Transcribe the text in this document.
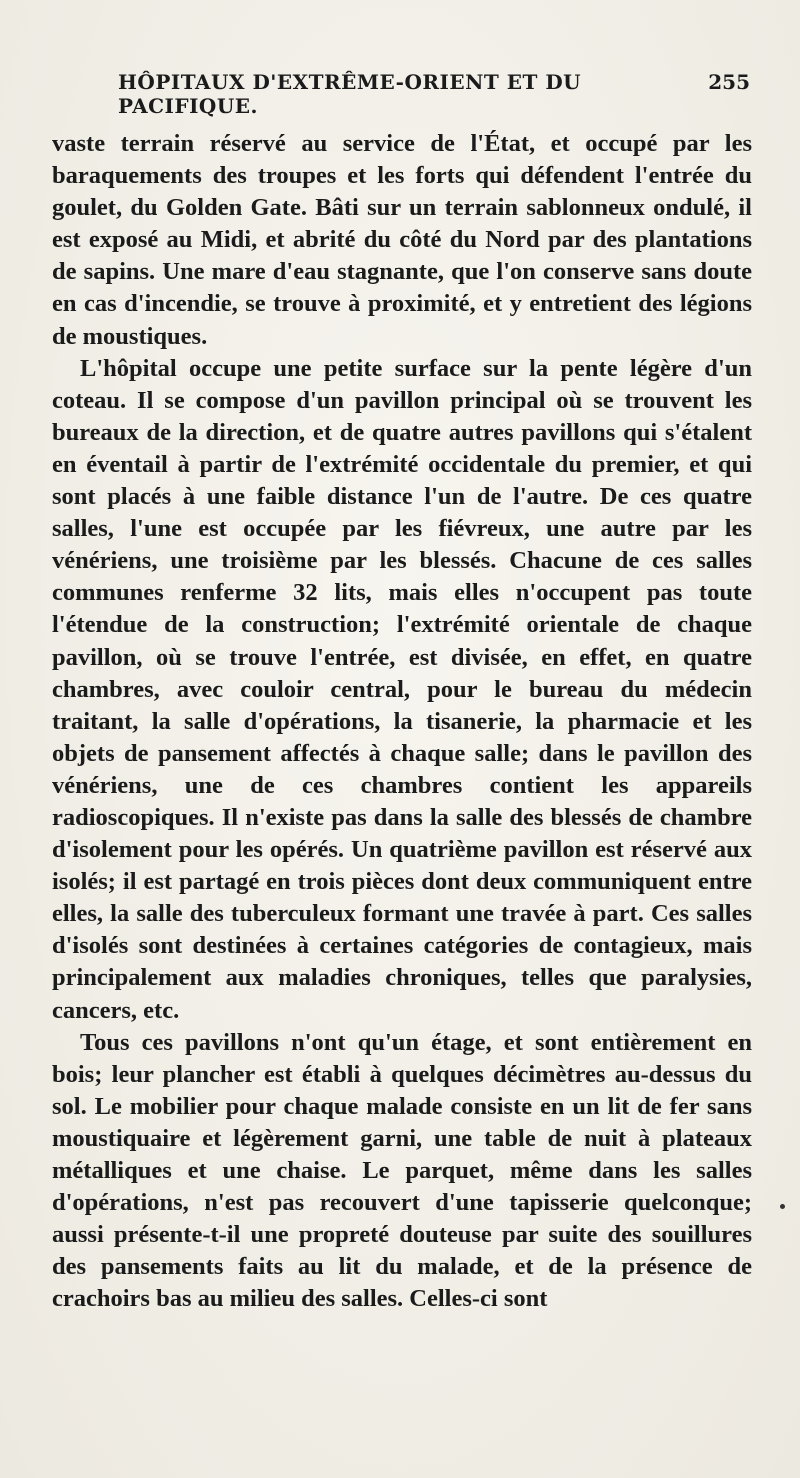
HÔPITAUX D'EXTRÊME-ORIENT ET DU PACIFIQUE.
255

vaste terrain réservé au service de l'État, et occupé par les baraquements des troupes et les forts qui défendent l'entrée du goulet, du Golden Gate. Bâti sur un terrain sablonneux ondulé, il est exposé au Midi, et abrité du côté du Nord par des plantations de sapins. Une mare d'eau stagnante, que l'on conserve sans doute en cas d'incendie, se trouve à proximité, et y entretient des légions de moustiques.

L'hôpital occupe une petite surface sur la pente légère d'un coteau. Il se compose d'un pavillon principal où se trouvent les bureaux de la direction, et de quatre autres pavillons qui s'étalent en éventail à partir de l'extrémité occidentale du premier, et qui sont placés à une faible distance l'un de l'autre. De ces quatre salles, l'une est occupée par les fiévreux, une autre par les vénériens, une troisième par les blessés. Chacune de ces salles communes renferme 32 lits, mais elles n'occupent pas toute l'étendue de la construction; l'extrémité orientale de chaque pavillon, où se trouve l'entrée, est divisée, en effet, en quatre chambres, avec couloir central, pour le bureau du médecin traitant, la salle d'opérations, la tisanerie, la pharmacie et les objets de pansement affectés à chaque salle; dans le pavillon des vénériens, une de ces chambres contient les appareils radioscopiques. Il n'existe pas dans la salle des blessés de chambre d'isolement pour les opérés. Un quatrième pavillon est réservé aux isolés; il est partagé en trois pièces dont deux communiquent entre elles, la salle des tuberculeux formant une travée à part. Ces salles d'isolés sont destinées à certaines catégories de contagieux, mais principalement aux maladies chroniques, telles que paralysies, cancers, etc.

Tous ces pavillons n'ont qu'un étage, et sont entièrement en bois; leur plancher est établi à quelques décimètres au-dessus du sol. Le mobilier pour chaque malade consiste en un lit de fer sans moustiquaire et légèrement garni, une table de nuit à plateaux métalliques et une chaise. Le parquet, même dans les salles d'opérations, n'est pas recouvert d'une tapisserie quelconque; aussi présente-t-il une propreté douteuse par suite des souillures des pansements faits au lit du malade, et de la présence de crachoirs bas au milieu des salles. Celles-ci sont
